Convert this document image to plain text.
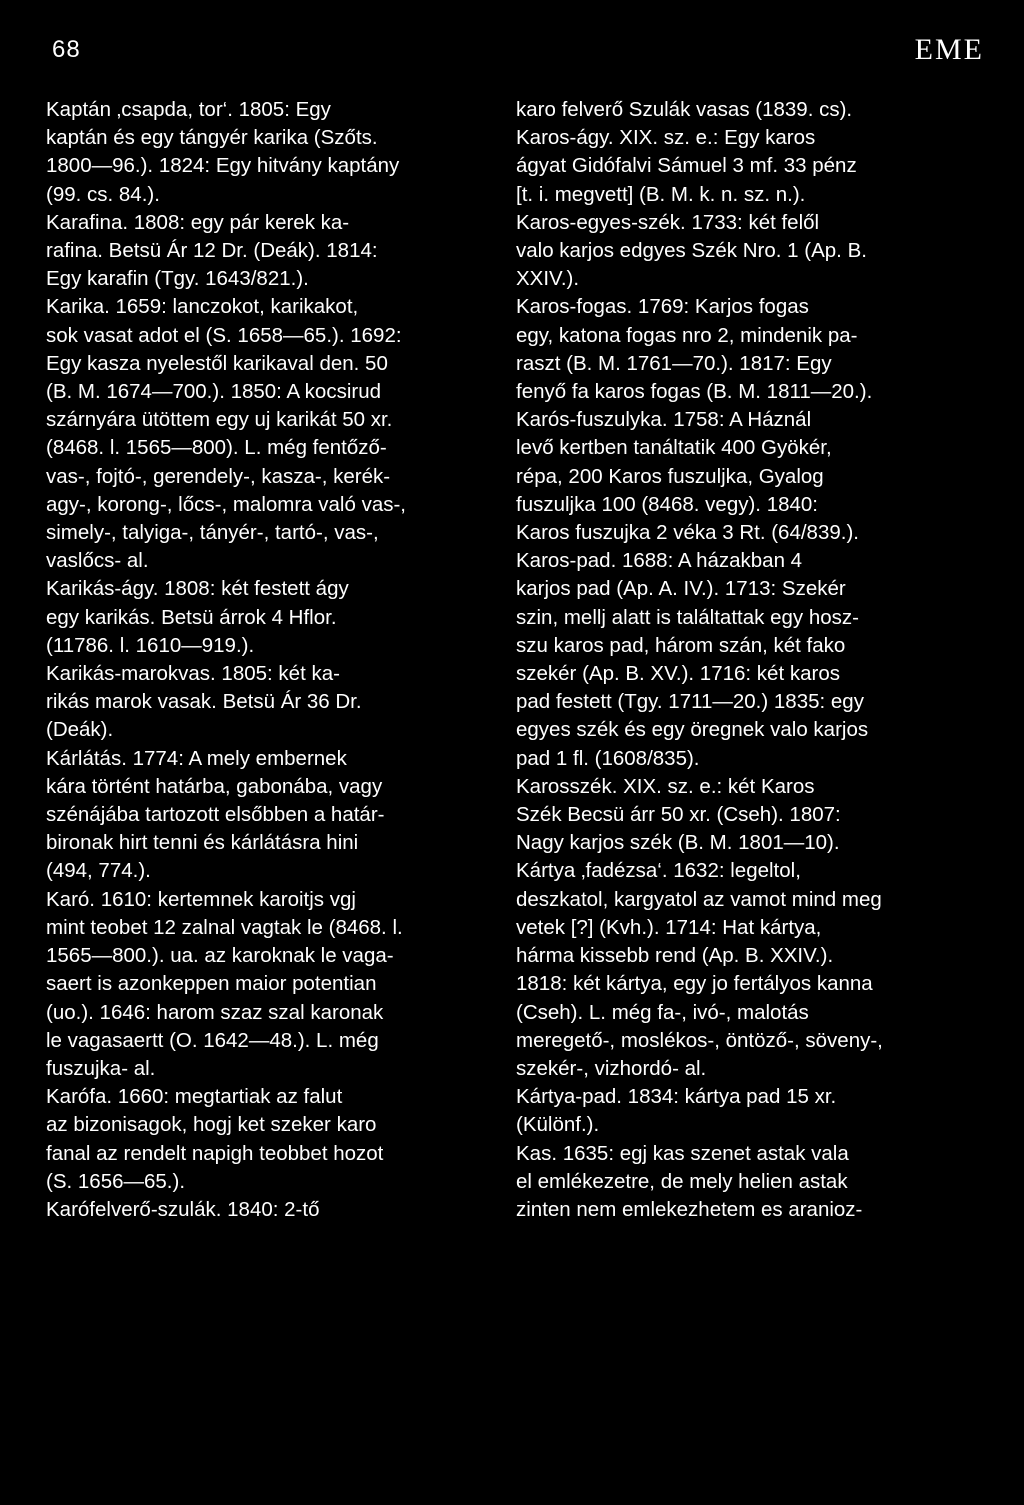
68	EME
Kaptán ‚csapda, tor‘. 1805: Egy
kaptán és egy tángyér karika (Szőts.
1800—96.). 1824: Egy hitvány kaptány
(99. cs. 84.).
Karafina. 1808: egy pár kerek ka-
rafina. Betsü Ár 12 Dr. (Deák). 1814:
Egy karafin (Tgy. 1643/821.).
Karika. 1659: lanczokot, karikakot,
sok vasat adot el (S. 1658—65.). 1692:
Egy kasza nyelestől karikaval den. 50
(B. M. 1674—700.). 1850: A kocsirud
szárnyára ütöttem egy uj karikát 50 xr.
(8468. l. 1565—800). L. még fentőző-
vas-, fojtó-, gerendely-, kasza-, kerék-
agy-, korong-, lőcs-, malomra való vas-,
simely-, talyiga-, tányér-, tartó-, vas-,
vaslőcs- al.
Karikás-ágy. 1808: két festett ágy
egy karikás. Betsü árrok 4 Hflor.
(11786. l. 1610—919.).
Karikás-marokvas. 1805: két ka-
rikás marok vasak. Betsü Ár 36 Dr.
(Deák).
Kárlátás. 1774: A mely embernek
kára történt határba, gabonába, vagy
szénájába tartozott elsőbben a határ-
bironak hirt tenni és kárlátásra hini
(494, 774.).
Karó. 1610: kertemnek karoitjs vgj
mint teobet 12 zalnal vagtak le (8468. l.
1565—800.). ua. az karoknak le vaga-
saert is azonkeppen maior potentian
(uo.). 1646: harom szaz szal karonak
le vagasaertt (O. 1642—48.). L. még
fuszujka- al.
Karófa. 1660: megtartiak az falut
az bizonisagok, hogj ket szeker karo
fanal az rendelt napigh teobbet hozot
(S. 1656—65.).
Karófelverő-szulák. 1840: 2-tő
karo felverő Szulák vasas (1839. cs).
Karos-ágy. XIX. sz. e.: Egy karos
ágyat Gidófalvi Sámuel 3 mf. 33 pénz
[t. i. megvett] (B. M. k. n. sz. n.).
Karos-egyes-szék. 1733: két felől
valo karjos edgyes Szék Nro. 1 (Ap. B.
XXIV.).
Karos-fogas. 1769: Karjos fogas
egy, katona fogas nro 2, mindenik pa-
raszt (B. M. 1761—70.). 1817: Egy
fenyő fa karos fogas (B. M. 1811—20.).
Karós-fuszulyka. 1758: A Háznál
levő kertben tanáltatik 400 Gyökér,
répa, 200 Karos fuszuljka, Gyalog
fuszuljka 100 (8468. vegy). 1840:
Karos fuszujka 2 véka 3 Rt. (64/839.).
Karos-pad. 1688: A házakban 4
karjos pad (Ap. A. IV.). 1713: Szekér
szin, mellj alatt is találtattak egy hosz-
szu karos pad, három szán, két fako
szekér (Ap. B. XV.). 1716: két karos
pad festett (Tgy. 1711—20.) 1835: egy
egyes szék és egy öregnek valo karjos
pad 1 fl. (1608/835).
Karosszék. XIX. sz. e.: két Karos
Szék Becsü árr 50 xr. (Cseh). 1807:
Nagy karjos szék (B. M. 1801—10).
Kártya ‚fadézsa‘. 1632: legeltol,
deszkatol, kargyatol az vamot mind meg
vetek [?] (Kvh.). 1714: Hat kártya,
hárma kissebb rend (Ap. B. XXIV.).
1818: két kártya, egy jo fertályos kanna
(Cseh). L. még fa-, ivó-, malotás
meregető-, moslékos-, öntöző-, söveny-,
szekér-, vizhordó- al.
Kártya-pad. 1834: kártya pad 15 xr.
(Különf.).
Kas. 1635: egj kas szenet astak vala
el emlékezetre, de mely helien astak
zinten nem emlekezhetem es aranioz-
